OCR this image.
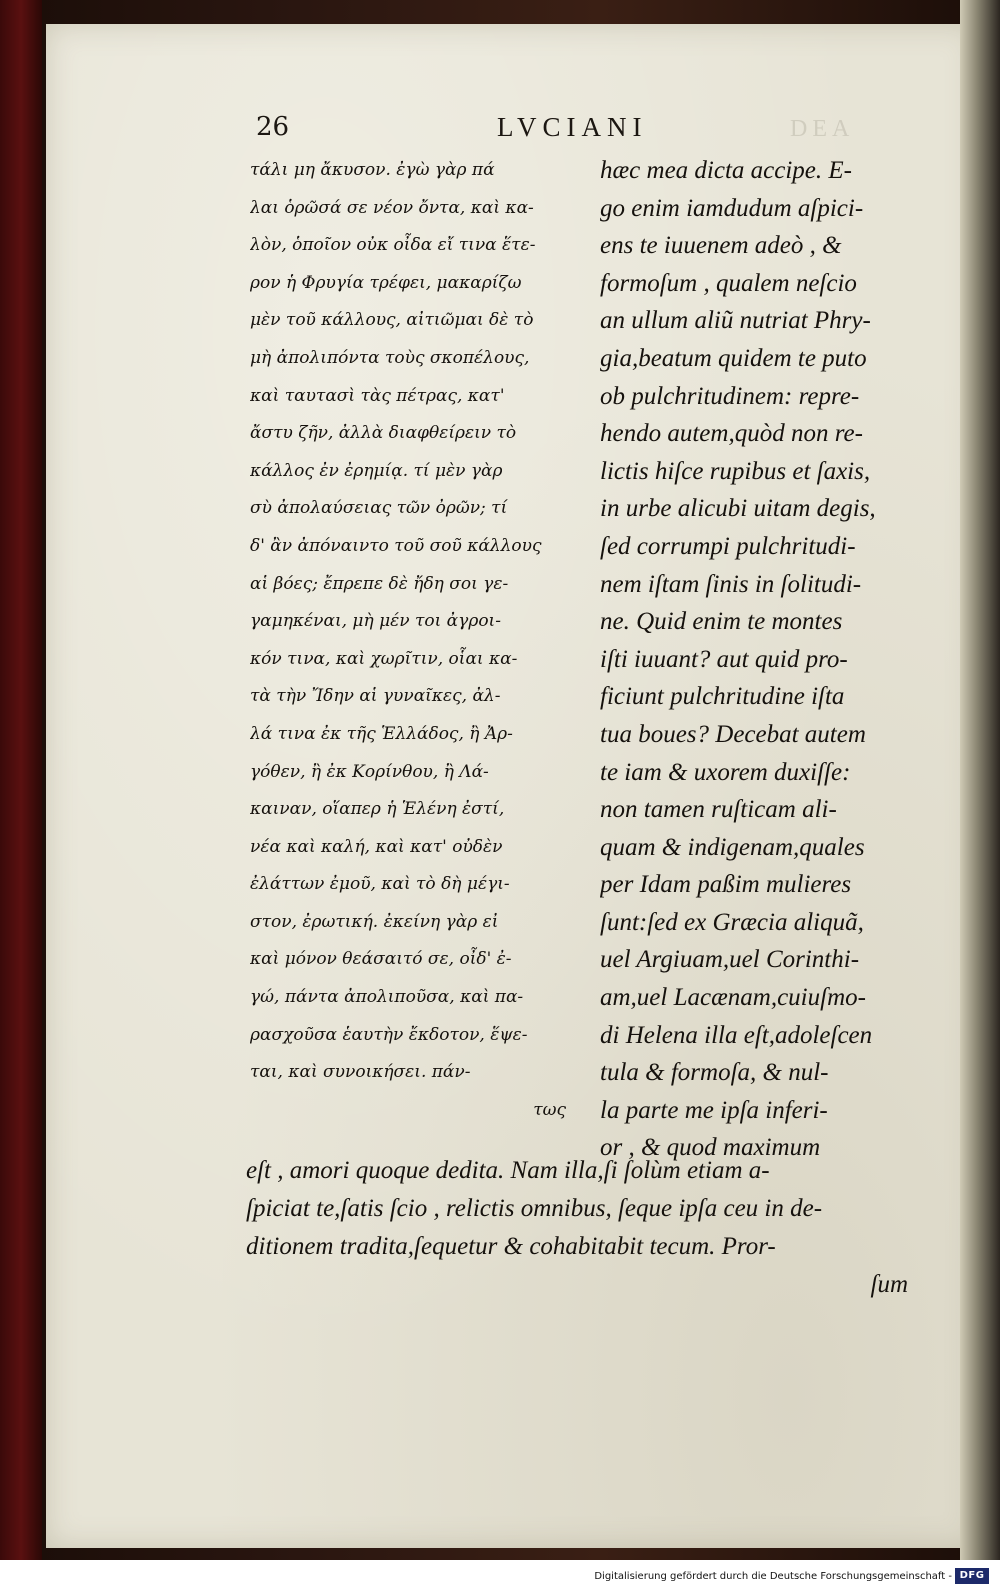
26	LVCIANI	DEA
τάλι μη ἄκυσον. ἐγὼ γὰρ πά
λαι ὁρῶσά σε νέον ὄντα, καὶ κα-
λὸν, ὁποῖον οὐκ οἶδα εἴ τινα ἕτε-
ρον ἡ Φρυγία τρέφει, μακαρίζω
μὲν τοῦ κάλλους, αἰτιῶμαι δὲ τὸ
μὴ ἀπολιπόντα τοὺς σκοπέλους,
καὶ ταυτασὶ τὰς πέτρας, κατ'
ἄστυ ζῆν, ἀλλὰ διαφθείρειν τὸ
κάλλος ἐν ἐρημίᾳ. τί μὲν γὰρ
σὺ ἀπολαύσειας τῶν ὀρῶν; τί
δ' ἂν ἀπόναιντο τοῦ σοῦ κάλλους
αἱ βόες; ἔπρεπε δὲ ἤδη σοι γε-
γαμηκέναι, μὴ μέν τοι ἀγροι-
κόν τινα, καὶ χωρῖτιν, οἷαι κα-
τὰ τὴν Ἴδην αἱ γυναῖκες, ἀλ-
λά τινα ἐκ τῆς Ἑλλάδος, ἢ Ἀρ-
γόθεν, ἢ ἐκ Κορίνθου, ἢ Λά-
καιναν, οἵαπερ ἡ Ἑλένη ἐστί,
νέα καὶ καλή, καὶ κατ' οὐδὲν
ἐλάττων ἐμοῦ, καὶ τὸ δὴ μέγι-
στον, ἐρωτική. ἐκείνη γὰρ εἰ
καὶ μόνον θεάσαιτό σε, οἶδ' ἐ-
γώ, πάντα ἀπολιποῦσα, καὶ πα-
ρασχοῦσα ἑαυτὴν ἔκδοτον, ἕψε-
ται, καὶ συνοικήσει. πάν-
τως
hæc mea dicta accipe. E-
go enim iamdudum aſpici-
ens te iuuenem adeò , &
formoſum , qualem neſcio
an ullum aliũ nutriat Phry-
gia,beatum quidem te puto
ob pulchritudinem: repre-
hendo autem,quòd non re-
lictis hiſce rupibus et ſaxis,
in urbe alicubi uitam degis,
ſed corrumpi pulchritudi-
nem iſtam ſinis in ſolitudi-
ne. Quid enim te montes
iſti iuuant? aut quid pro-
ficiunt pulchritudine iſta
tua boues? Decebat autem
te iam & uxorem duxiſſe:
non tamen ruſticam ali-
quam & indigenam,quales
per Idam paßim mulieres
ſunt:ſed ex Græcia aliquã,
uel Argiuam,uel Corinthi-
am,uel Lacænam,cuiuſmo-
di Helena illa eſt,adoleſcen
tula & formoſa, & nul-
la parte me ipſa inferi-
or , & quod maximum
eſt , amori quoque dedita. Nam illa,ſi ſolùm etiam a-
ſpiciat te,ſatis ſcio , relictis omnibus, ſeque ipſa ceu in de-
ditionem tradita,ſequetur & cohabitabit tecum. Pror-
ſum
Digitalisierung gefördert durch die Deutsche Forschungsgemeinschaft - DFG
